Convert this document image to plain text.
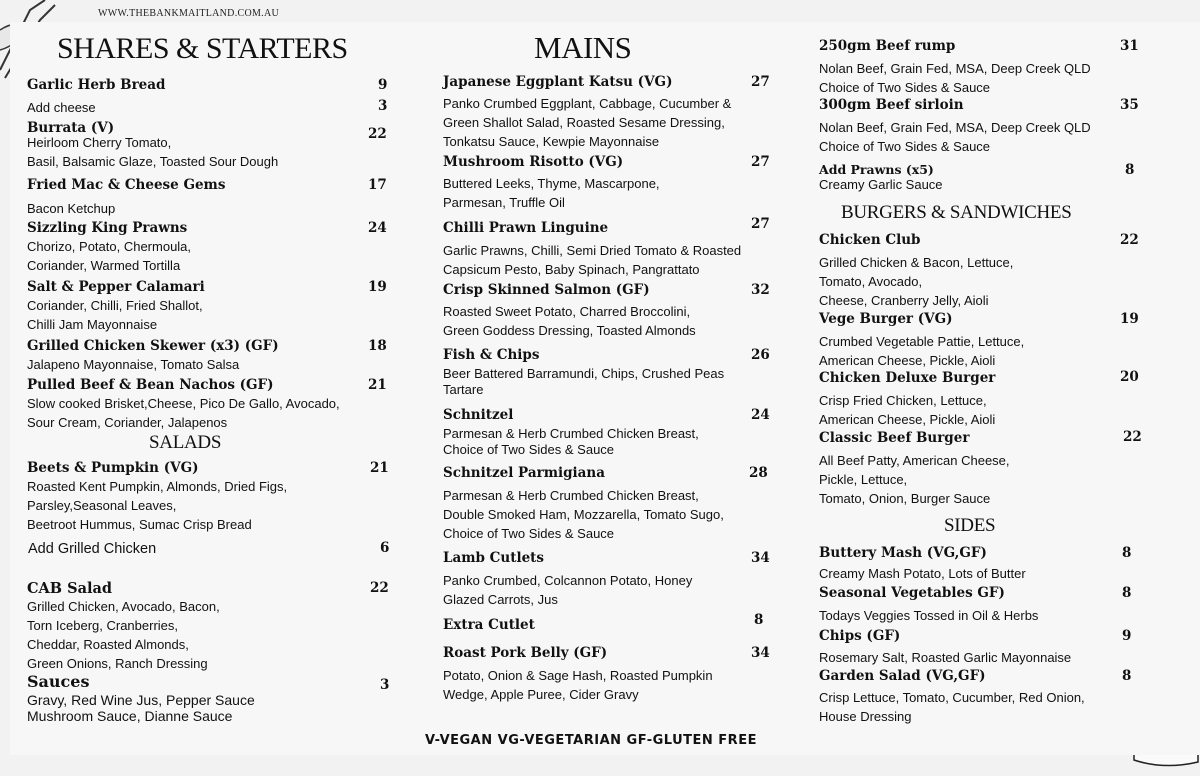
WWW.THEBANKMAITLAND.COM.AU
SHARES & STARTERS
Garlic Herb Bread	9
Add cheese	3
Burrata (V)	22
Heirloom Cherry Tomato,
Basil, Balsamic Glaze, Toasted Sour Dough
Fried Mac & Cheese Gems	17
Bacon Ketchup
Sizzling King Prawns	24
Chorizo, Potato, Chermoula,
Coriander, Warmed Tortilla
Salt & Pepper Calamari	19
Coriander, Chilli, Fried Shallot,
Chilli Jam Mayonnaise
Grilled Chicken Skewer (x3) (GF)	18
Jalapeno Mayonnaise, Tomato Salsa
Pulled Beef & Bean Nachos (GF)	21
Slow cooked Brisket,Cheese, Pico De Gallo, Avocado,
Sour Cream, Coriander, Jalapenos
SALADS
Beets & Pumpkin (VG)	21
Roasted Kent Pumpkin, Almonds, Dried Figs,
Parsley,Seasonal Leaves,
Beetroot Hummus, Sumac Crisp Bread
Add Grilled Chicken	6
CAB Salad	22
Grilled Chicken, Avocado, Bacon,
Torn Iceberg, Cranberries,
Cheddar, Roasted Almonds,
Green Onions, Ranch Dressing
Sauces	3
Gravy, Red Wine Jus, Pepper Sauce
Mushroom Sauce, Dianne Sauce
MAINS
Japanese Eggplant Katsu (VG)	27
Panko Crumbed Eggplant, Cabbage, Cucumber &
Green Shallot Salad, Roasted Sesame Dressing,
Tonkatsu Sauce, Kewpie Mayonnaise
Mushroom Risotto (VG)	27
Buttered Leeks, Thyme, Mascarpone,
Parmesan, Truffle Oil
Chilli Prawn Linguine	27
Garlic Prawns, Chilli, Semi Dried Tomato & Roasted
Capsicum Pesto, Baby Spinach, Pangrattato
Crisp Skinned Salmon (GF)	32
Roasted Sweet Potato, Charred Broccolini,
Green Goddess Dressing, Toasted Almonds
Fish & Chips	26
Beer Battered Barramundi, Chips, Crushed Peas
Tartare
Schnitzel	24
Parmesan & Herb Crumbed Chicken Breast,
Choice of Two Sides & Sauce
Schnitzel Parmigiana	28
Parmesan & Herb Crumbed Chicken Breast,
Double Smoked Ham, Mozzarella, Tomato Sugo,
Choice of Two Sides & Sauce
Lamb Cutlets	34
Panko Crumbed, Colcannon Potato, Honey
Glazed Carrots, Jus
Extra Cutlet	8
Roast Pork Belly (GF)	34
Potato, Onion & Sage Hash, Roasted Pumpkin
Wedge, Apple Puree, Cider Gravy
250gm Beef rump	31
Nolan Beef, Grain Fed, MSA, Deep Creek QLD
Choice of Two Sides & Sauce
300gm Beef sirloin	35
Nolan Beef, Grain Fed, MSA, Deep Creek QLD
Choice of Two Sides & Sauce
Add Prawns (x5)	8
Creamy Garlic Sauce
BURGERS & SANDWICHES
Chicken Club	22
Grilled Chicken & Bacon, Lettuce,
Tomato, Avocado,
Cheese, Cranberry Jelly, Aioli
Vege Burger (VG)	19
Crumbed Vegetable Pattie, Lettuce,
American Cheese, Pickle, Aioli
Chicken Deluxe Burger	20
Crisp Fried Chicken, Lettuce,
American Cheese, Pickle, Aioli
Classic Beef Burger	22
All Beef Patty, American Cheese,
Pickle, Lettuce,
Tomato, Onion, Burger Sauce
SIDES
Buttery Mash (VG,GF)	8
Creamy Mash Potato, Lots of Butter
Seasonal Vegetables GF)	8
Todays Veggies Tossed in Oil & Herbs
Chips (GF)	9
Rosemary Salt, Roasted Garlic Mayonnaise
Garden Salad (VG,GF)	8
Crisp Lettuce, Tomato, Cucumber, Red Onion,
House Dressing
V-VEGAN VG-VEGETARIAN GF-GLUTEN FREE
